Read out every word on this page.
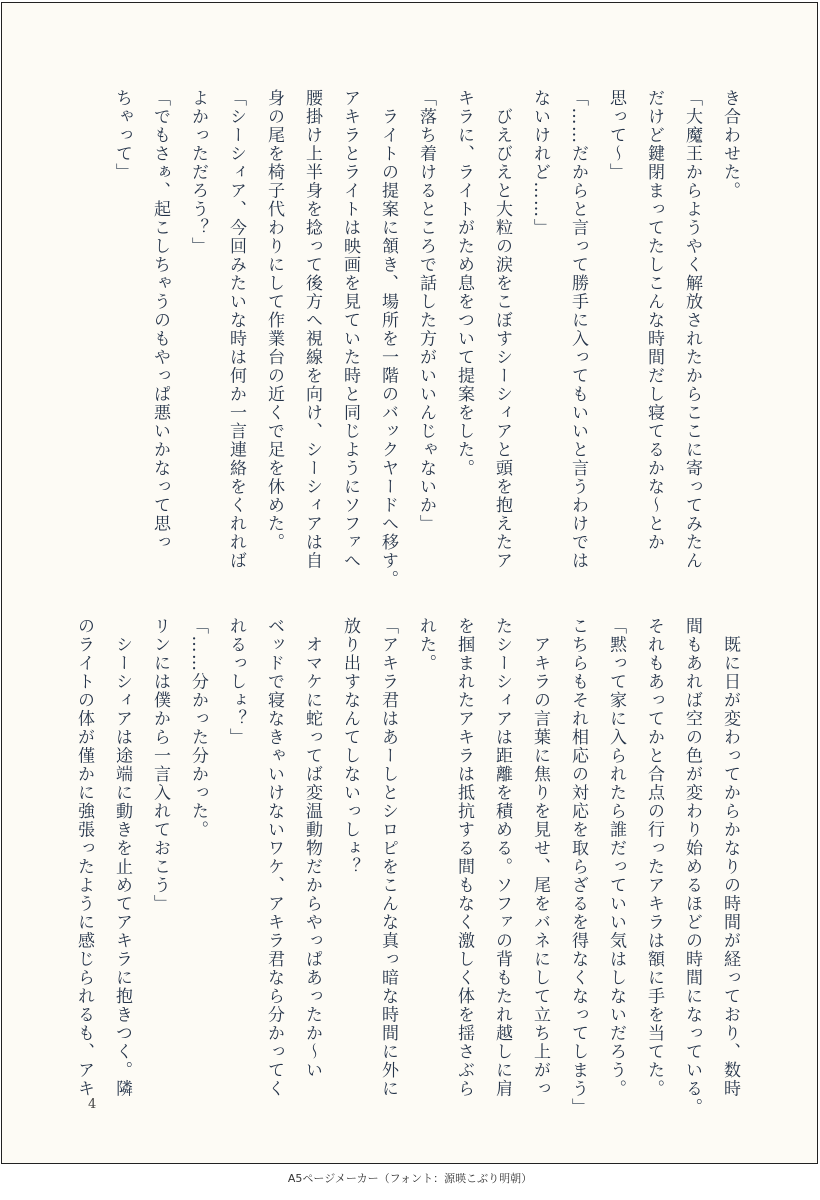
き合わせた。
「大魔王からようやく解放されたからここに寄ってみたん
だけど鍵閉まってたしこんな時間だし寝てるかな～とか
思って～」
「……だからと言って勝手に入ってもいいと言うわけでは
ないけれど……」
　びえびえと大粒の涙をこぼすシーシィアと頭を抱えたア
キラに、ライトがため息をついて提案をした。
「落ち着けるところで話した方がいいんじゃないか」
　ライトの提案に頷き、場所を一階のバックヤードへ移す。
アキラとライトは映画を見ていた時と同じようにソファへ
腰掛け上半身を捻って後方へ視線を向け、シーシィアは自
身の尾を椅子代わりにして作業台の近くで足を休めた。
「シーシィア、今回みたいな時は何か一言連絡をくれれば
よかっただろう？」
「でもさぁ、起こしちゃうのもやっぱ悪いかなって思っ
ちゃって」
　既に日が変わってからかなりの時間が経っており、数時
間もあれば空の色が変わり始めるほどの時間になっている。
それもあってかと合点の行ったアキラは額に手を当てた。
「黙って家に入られたら誰だっていい気はしないだろう。
こちらもそれ相応の対応を取らざるを得なくなってしまう」
　アキラの言葉に焦りを見せ、尾をバネにして立ち上がっ
たシーシィアは距離を積める。ソファの背もたれ越しに肩
を掴まれたアキラは抵抗する間もなく激しく体を揺さぶら
れた。
「アキラ君はあーしとシロピをこんな真っ暗な時間に外に
放り出すなんてしないっしょ？
　オマケに蛇ってば変温動物だからやっぱあったか～い
ベッドで寝なきゃいけないワケ、アキラ君なら分かってく
れるっしょ？」
「……分かった分かった。
リンには僕から一言入れておこう」
　シーシィアは途端に動きを止めてアキラに抱きつく。隣
のライトの体が僅かに強張ったように感じられるも、アキ
4
A5ページメーカー（フォント：源暎こぶり明朝）
